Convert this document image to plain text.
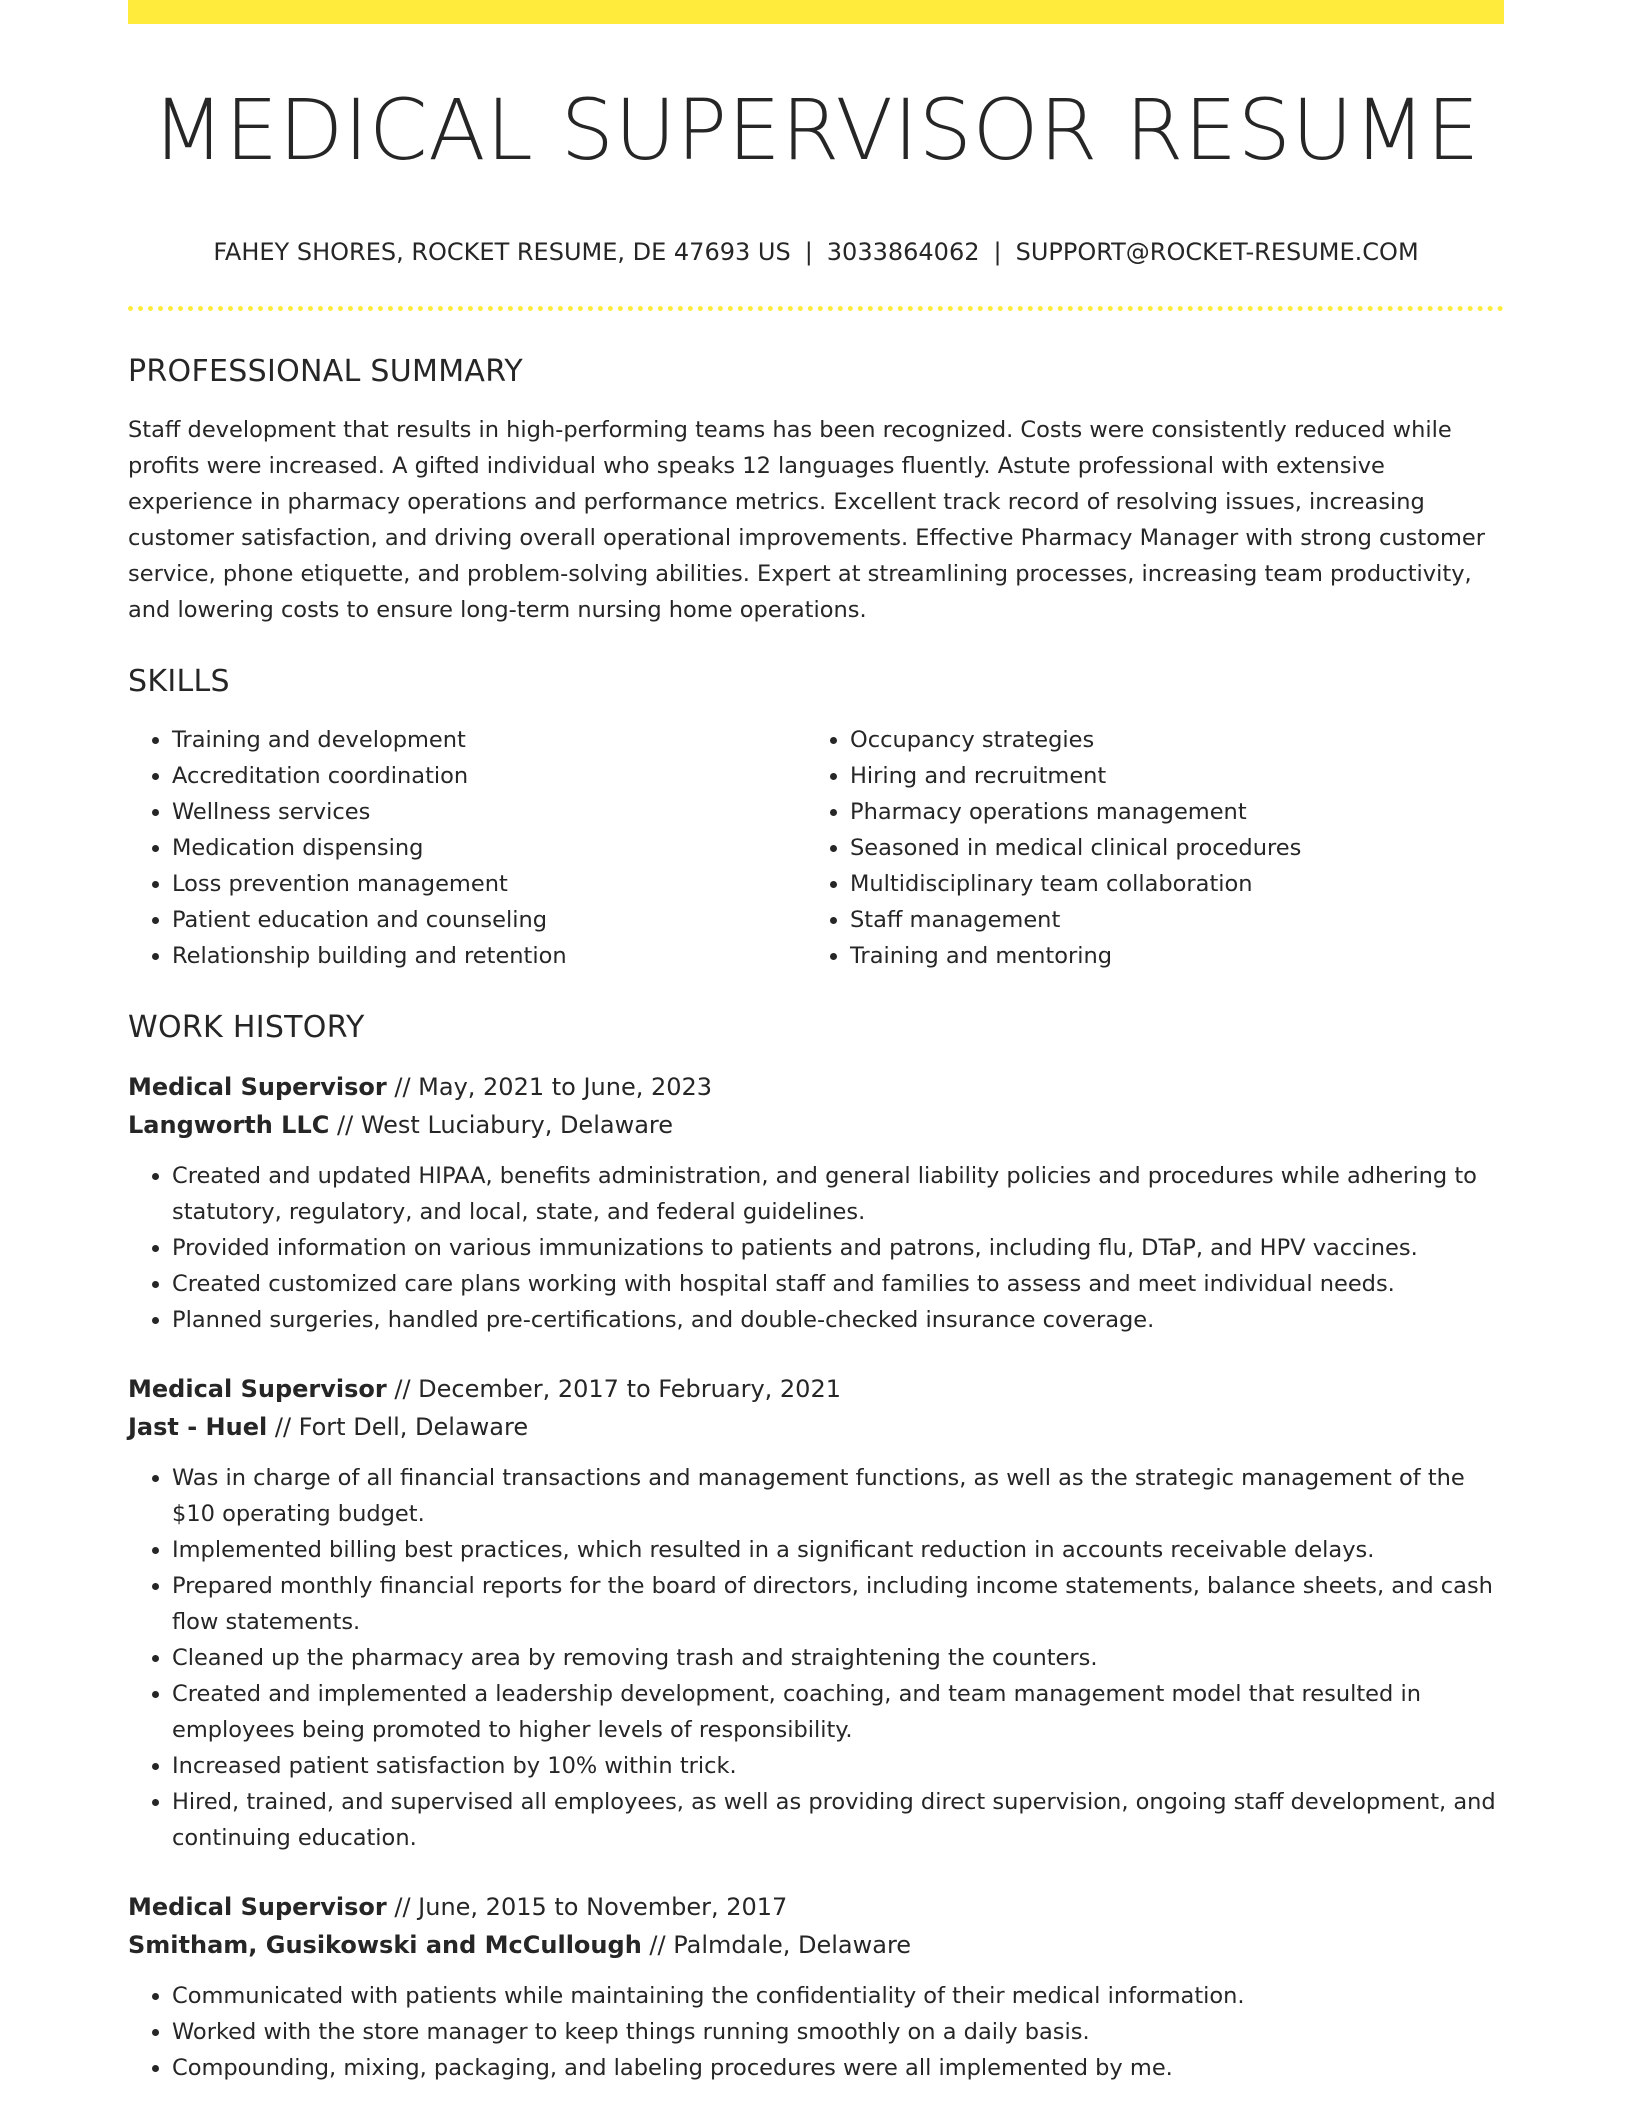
MEDICAL SUPERVISOR RESUME
FAHEY SHORES, ROCKET RESUME, DE 47693 US | 3033864062 | SUPPORT@ROCKET-RESUME.COM
PROFESSIONAL SUMMARY

Staff development that results in high-performing teams has been recognized. Costs were consistently reduced while profits were increased. A gifted individual who speaks 12 languages fluently. Astute professional with extensive experience in pharmacy operations and performance metrics. Excellent track record of resolving issues, increasing customer satisfaction, and driving overall operational improvements. Effective Pharmacy Manager with strong customer service, phone etiquette, and problem-solving abilities. Expert at streamlining processes, increasing team productivity, and lowering costs to ensure long-term nursing home operations.

SKILLS
• Training and development
• Accreditation coordination
• Wellness services
• Medication dispensing
• Loss prevention management
• Patient education and counseling
• Relationship building and retention
• Occupancy strategies
• Hiring and recruitment
• Pharmacy operations management
• Seasoned in medical clinical procedures
• Multidisciplinary team collaboration
• Staff management
• Training and mentoring
WORK HISTORY
Medical Supervisor // May, 2021 to June, 2023
Langworth LLC // West Luciabury, Delaware
• Created and updated HIPAA, benefits administration, and general liability policies and procedures while adhering to statutory, regulatory, and local, state, and federal guidelines.
• Provided information on various immunizations to patients and patrons, including flu, DTaP, and HPV vaccines.
• Created customized care plans working with hospital staff and families to assess and meet individual needs.
• Planned surgeries, handled pre-certifications, and double-checked insurance coverage.
Medical Supervisor // December, 2017 to February, 2021
Jast - Huel // Fort Dell, Delaware
• Was in charge of all financial transactions and management functions, as well as the strategic management of the $10 operating budget.
• Implemented billing best practices, which resulted in a significant reduction in accounts receivable delays.
• Prepared monthly financial reports for the board of directors, including income statements, balance sheets, and cash flow statements.
• Cleaned up the pharmacy area by removing trash and straightening the counters.
• Created and implemented a leadership development, coaching, and team management model that resulted in employees being promoted to higher levels of responsibility.
• Increased patient satisfaction by 10% within trick.
• Hired, trained, and supervised all employees, as well as providing direct supervision, ongoing staff development, and continuing education.
Medical Supervisor // June, 2015 to November, 2017
Smitham, Gusikowski and McCullough // Palmdale, Delaware
• Communicated with patients while maintaining the confidentiality of their medical information.
• Worked with the store manager to keep things running smoothly on a daily basis.
• Compounding, mixing, packaging, and labeling procedures were all implemented by me.
